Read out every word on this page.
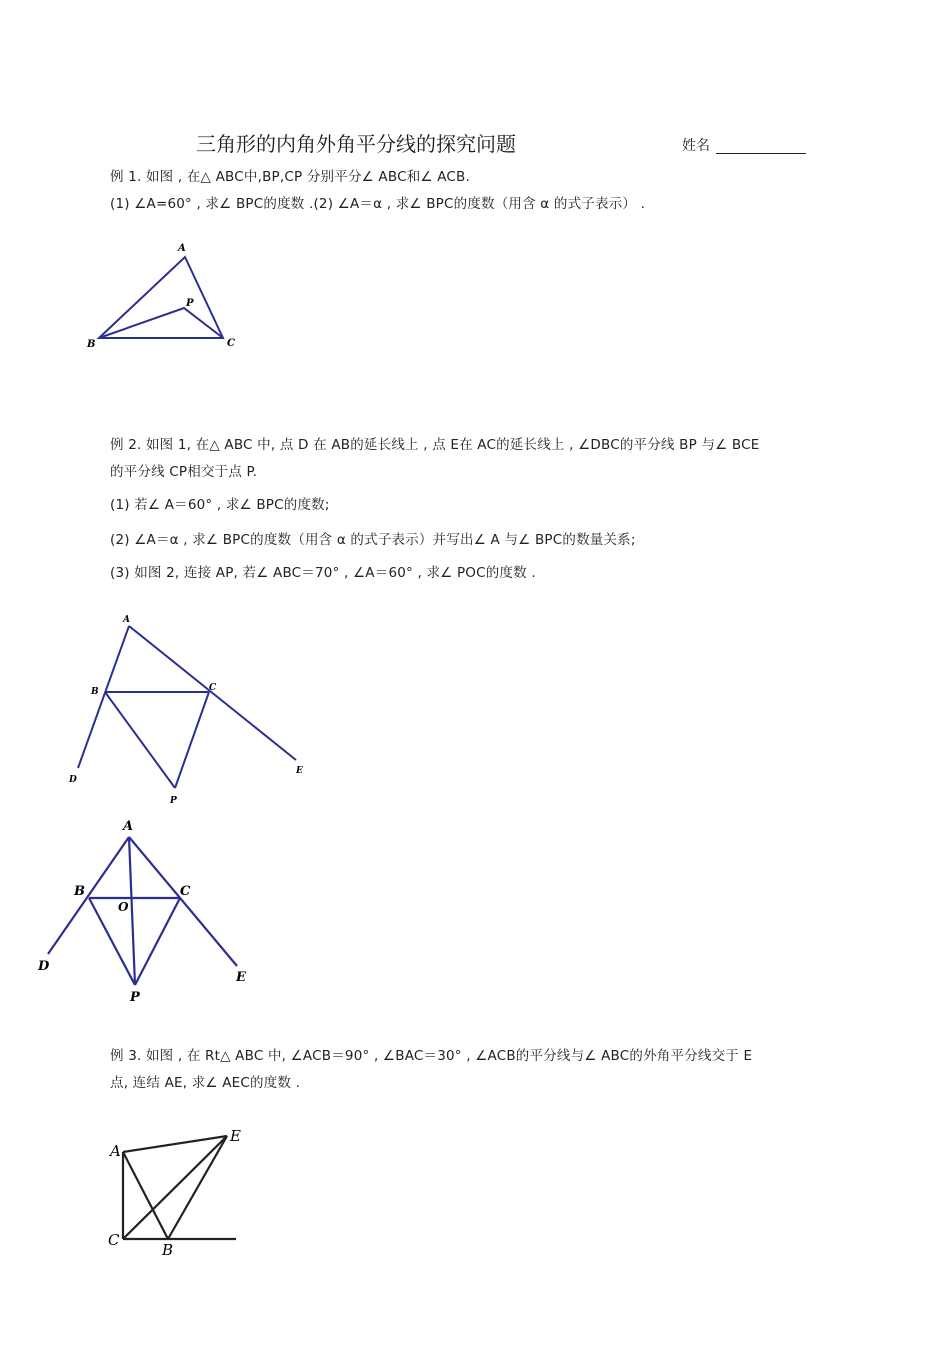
三角形的内角外角平分线的探究问题	姓名
例 1. 如图 , 在△ ABC中,BP,CP 分别平分∠ ABC和∠ ACB.
(1) ∠A=60° , 求∠ BPC的度数 .(2) ∠A＝α , 求∠ BPC的度数（用含 α 的式子表示） .
A
P
B	C
例 2. 如图 1, 在△ ABC 中, 点 D 在 AB的延长线上 , 点 E在 AC的延长线上 , ∠DBC的平分线 BP 与∠ BCE
的平分线 CP相交于点 P.
(1) 若∠ A＝60° , 求∠ BPC的度数;
(2) ∠A＝α , 求∠ BPC的度数（用含 α 的式子表示）并写出∠ A 与∠ BPC的数量关系;
(3) 如图 2, 连接 AP, 若∠ ABC＝70° , ∠A＝60° , 求∠ POC的度数 .
A
B	C
D
E
P
A
B	C
O
D
E
P
例 3. 如图 , 在 Rt△ ABC 中, ∠ACB＝90° , ∠BAC＝30° , ∠ACB的平分线与∠ ABC的外角平分线交于 E
点, 连结 AE, 求∠ AEC的度数 .
A
E
C
B
